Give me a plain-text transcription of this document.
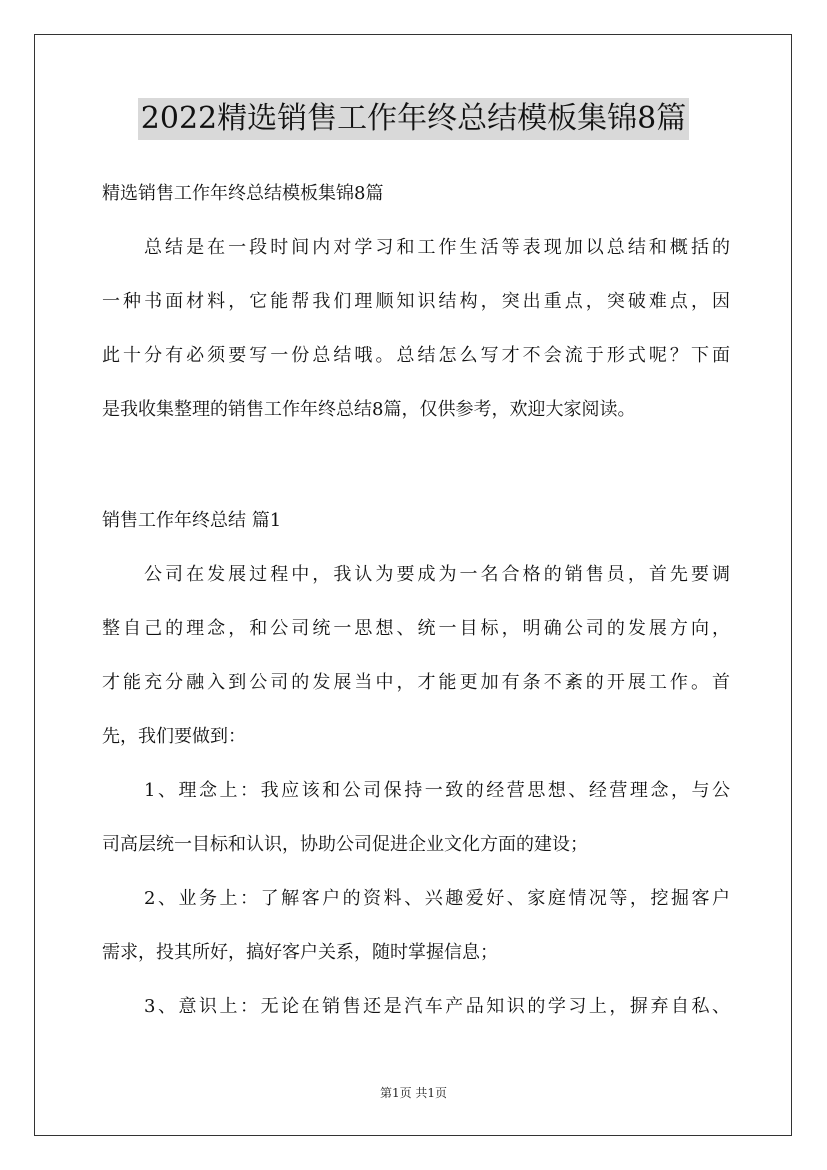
2022精选销售工作年终总结模板集锦8篇
精选销售工作年终总结模板集锦8篇
总结是在一段时间内对学习和工作生活等表现加以总结和概括的
一种书面材料，它能帮我们理顺知识结构，突出重点，突破难点，因
此十分有必须要写一份总结哦。总结怎么写才不会流于形式呢？下面
是我收集整理的销售工作年终总结8篇，仅供参考，欢迎大家阅读。
销售工作年终总结 篇1
公司在发展过程中，我认为要成为一名合格的销售员，首先要调
整自己的理念，和公司统一思想、统一目标，明确公司的发展方向，
才能充分融入到公司的发展当中，才能更加有条不紊的开展工作。首
先，我们要做到：
1、理念上：我应该和公司保持一致的经营思想、经营理念，与公
司高层统一目标和认识，协助公司促进企业文化方面的建设；
2、业务上：了解客户的资料、兴趣爱好、家庭情况等，挖掘客户
需求，投其所好，搞好客户关系，随时掌握信息；
3、意识上：无论在销售还是汽车产品知识的学习上，摒弃自私、
第1页 共1页
